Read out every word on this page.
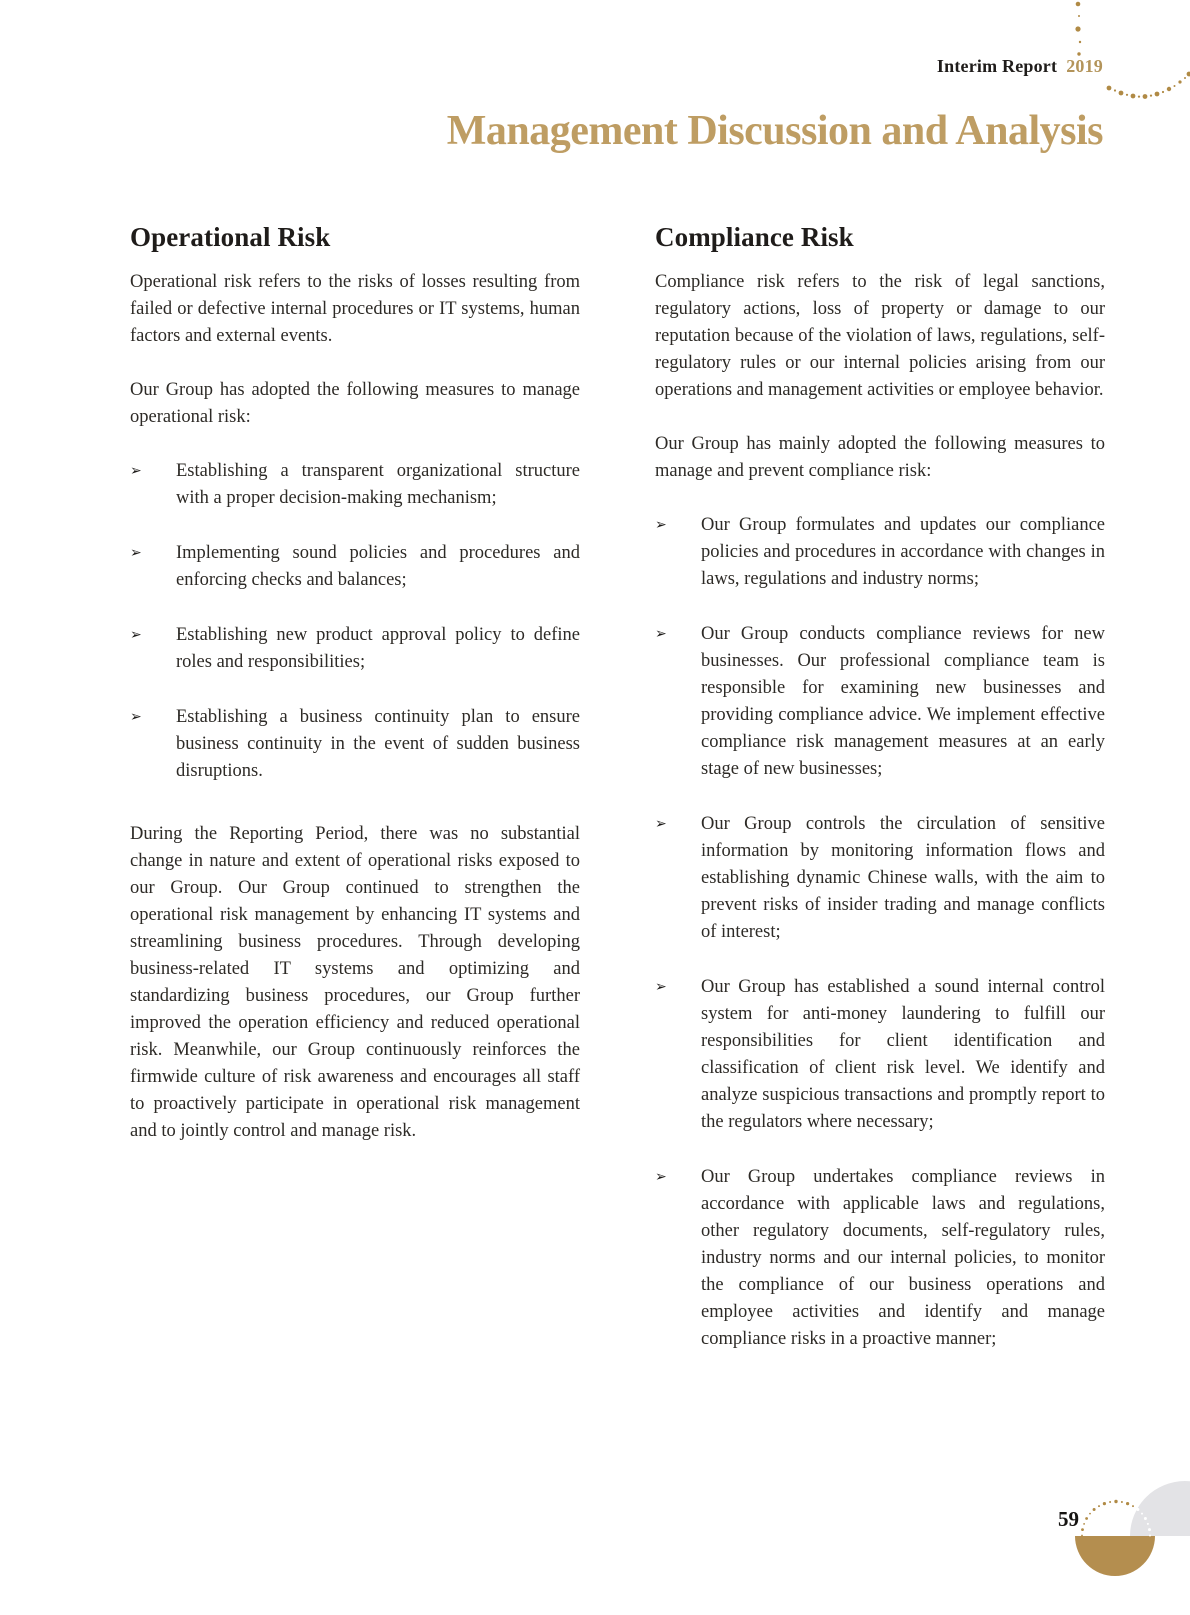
Interim Report 2019
Management Discussion and Analysis
Operational Risk

Operational risk refers to the risks of losses resulting from failed or defective internal procedures or IT systems, human factors and external events.

Our Group has adopted the following measures to manage operational risk:

➢	Establishing a transparent organizational structure with a proper decision-making mechanism;

➢	Implementing sound policies and procedures and enforcing checks and balances;

➢	Establishing new product approval policy to define roles and responsibilities;

➢	Establishing a business continuity plan to ensure business continuity in the event of sudden business disruptions.

During the Reporting Period, there was no substantial change in nature and extent of operational risks exposed to our Group. Our Group continued to strengthen the operational risk management by enhancing IT systems and streamlining business procedures. Through developing business-related IT systems and optimizing and standardizing business procedures, our Group further improved the operation efficiency and reduced operational risk. Meanwhile, our Group continuously reinforces the firmwide culture of risk awareness and encourages all staff to proactively participate in operational risk management and to jointly control and manage risk.

Compliance Risk

Compliance risk refers to the risk of legal sanctions, regulatory actions, loss of property or damage to our reputation because of the violation of laws, regulations, self-regulatory rules or our internal policies arising from our operations and management activities or employee behavior.

Our Group has mainly adopted the following measures to manage and prevent compliance risk:

➢	Our Group formulates and updates our compliance policies and procedures in accordance with changes in laws, regulations and industry norms;

➢	Our Group conducts compliance reviews for new businesses. Our professional compliance team is responsible for examining new businesses and providing compliance advice. We implement effective compliance risk management measures at an early stage of new businesses;

➢	Our Group controls the circulation of sensitive information by monitoring information flows and establishing dynamic Chinese walls, with the aim to prevent risks of insider trading and manage conflicts of interest;

➢	Our Group has established a sound internal control system for anti-money laundering to fulfill our responsibilities for client identification and classification of client risk level. We identify and analyze suspicious transactions and promptly report to the regulators where necessary;

➢	Our Group undertakes compliance reviews in accordance with applicable laws and regulations, other regulatory documents, self-regulatory rules, industry norms and our internal policies, to monitor the compliance of our business operations and employee activities and identify and manage compliance risks in a proactive manner;

59
